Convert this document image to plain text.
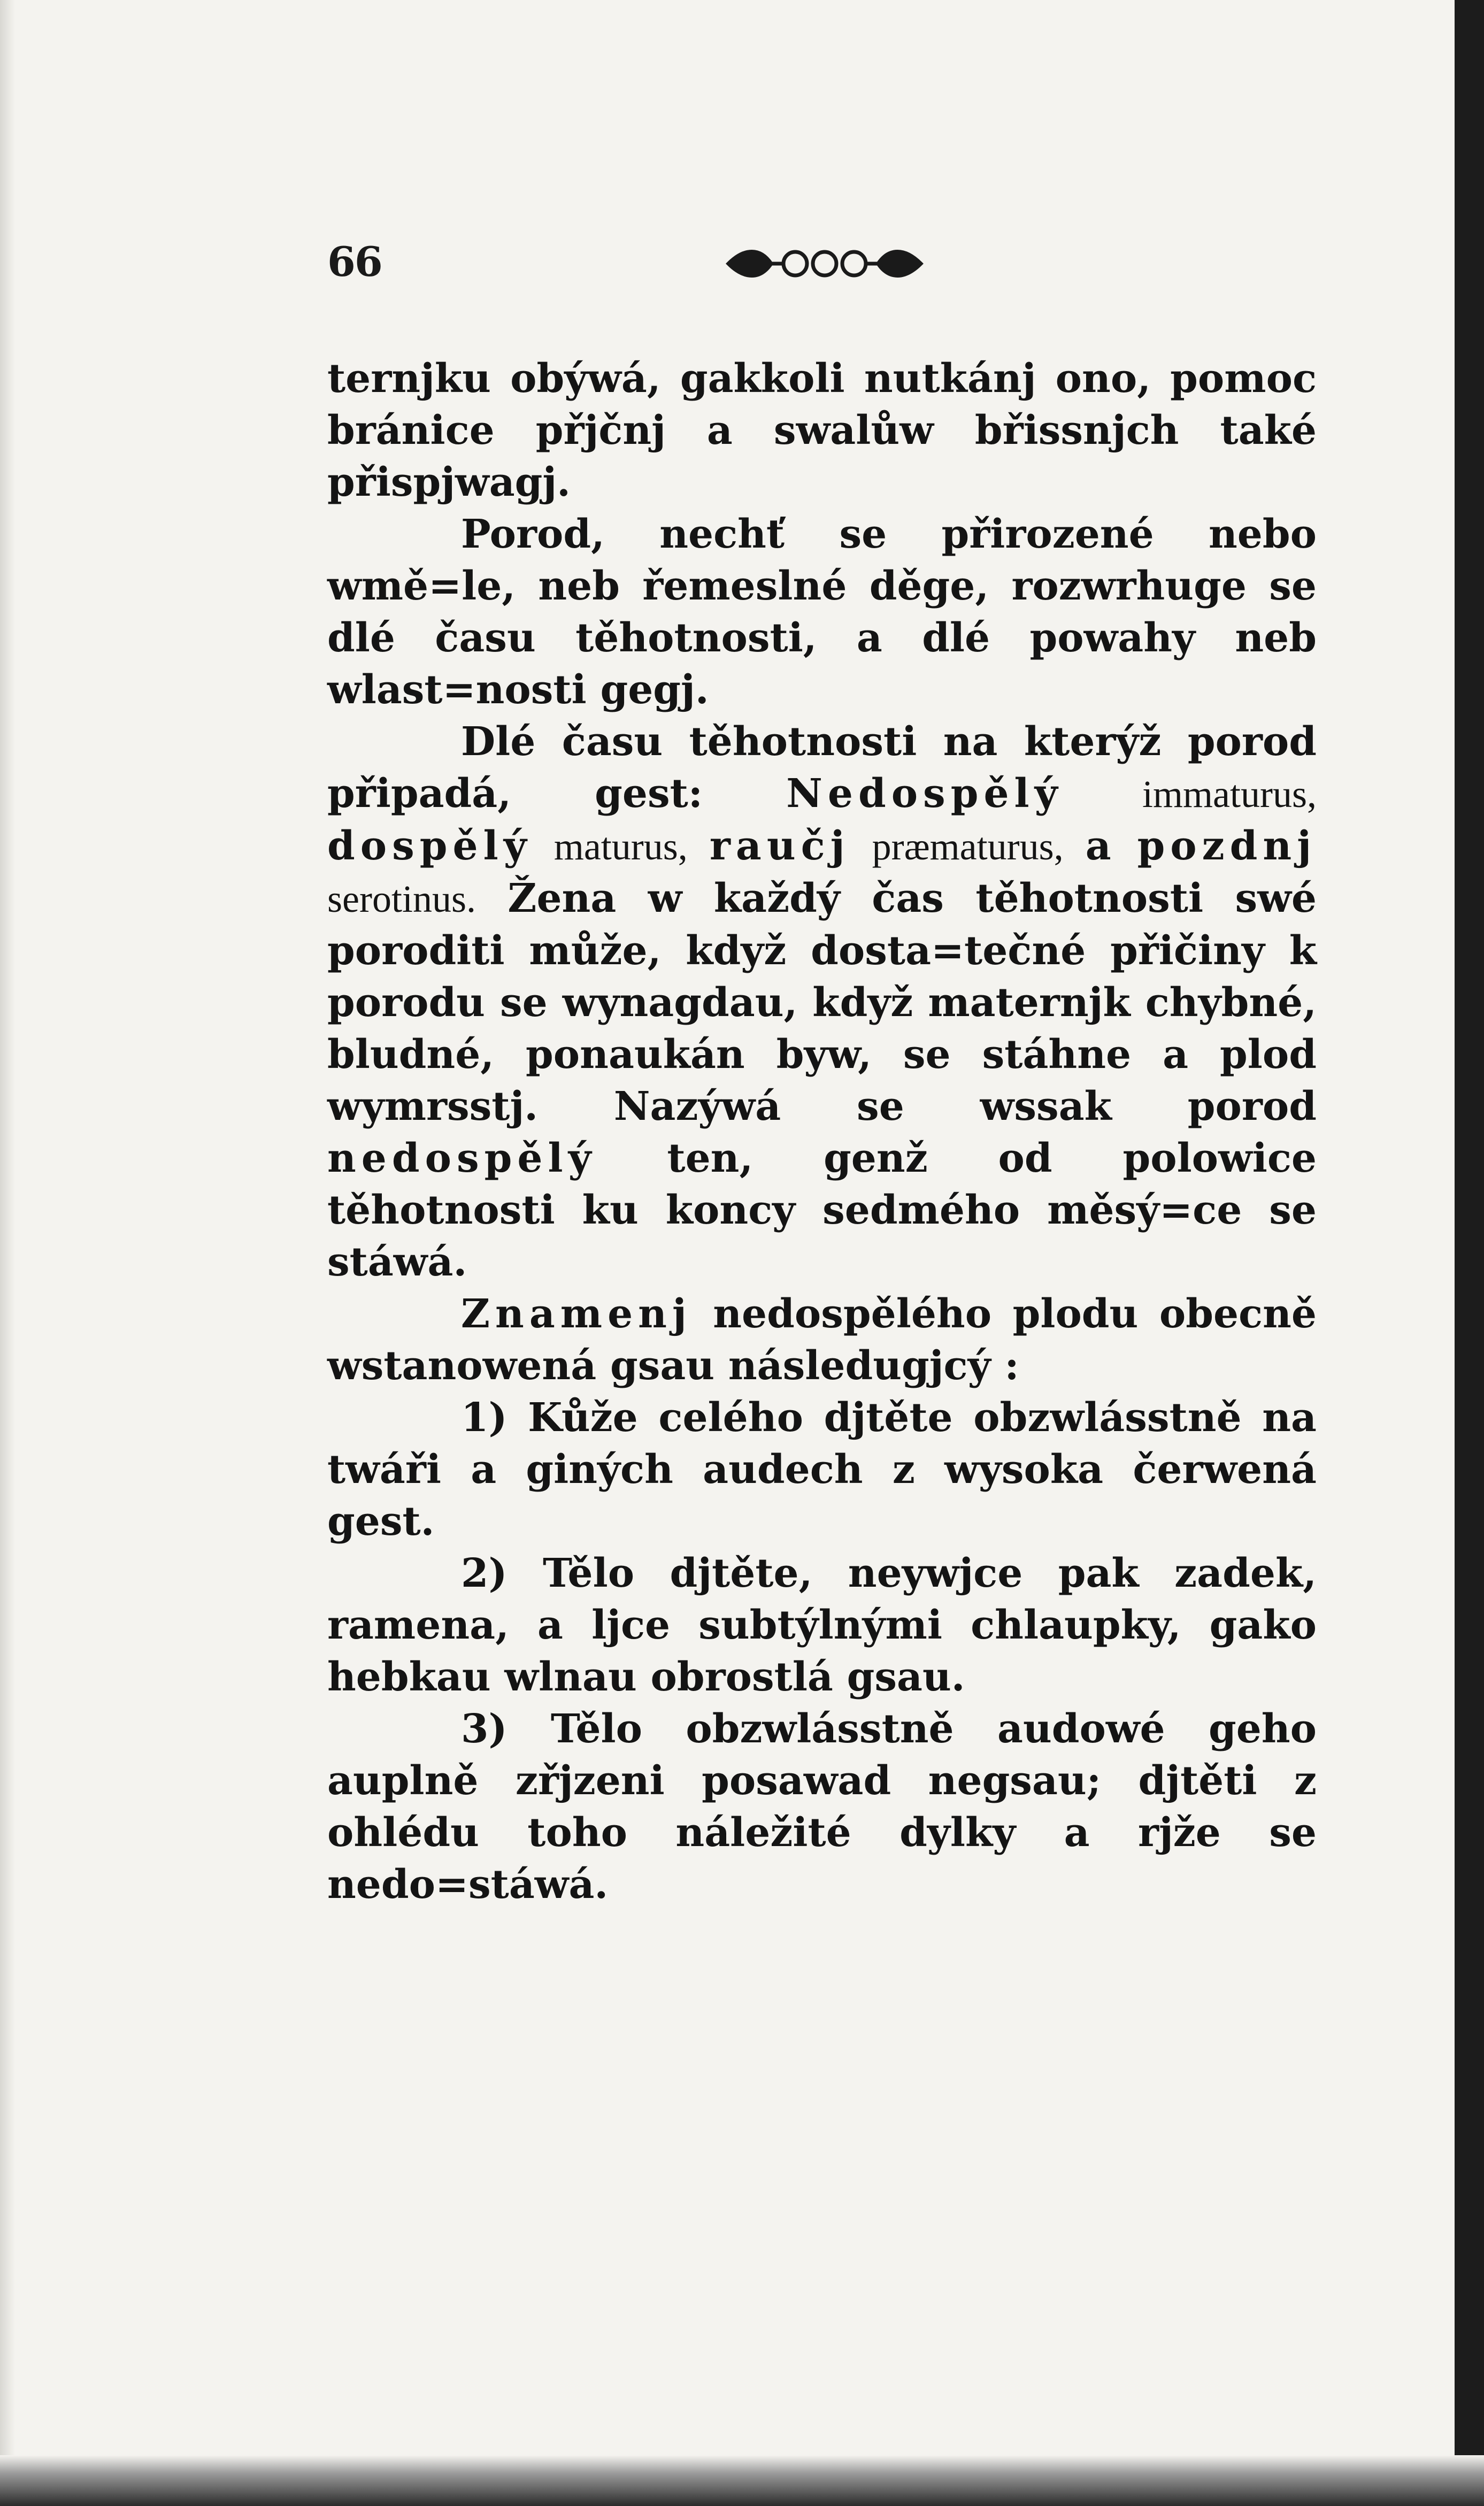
66

ternjku obýwá, gakkoli nutkánj ono, pomoc bránice přjčnj a swalůw břissnjch také přispjwagj.

Porod, nechť se přirozené nebo wmě=le, neb řemeslné děge, rozwrhuge se dlé času těhotnosti, a dlé powahy neb wlast=nosti gegj.

Dlé času těhotnosti na kterýž porod připadá, gest: Nedospělý immaturus, dospělý maturus, raučj præmaturus, a pozdnj serotinus. Žena w každý čas těhotnosti swé poroditi může, když dosta=tečné přičiny k porodu se wynagdau, když maternjk chybné, bludné, ponaukán byw, se stáhne a plod wymrsstj. Nazýwá se wssak porod nedospělý ten, genž od polowice těhotnosti ku koncy sedmého měsý=ce se stáwá.

Znamenj nedospělého plodu obecně wstanowená gsau následugjcý :

1) Kůže celého djtěte obzwlásstně na twáři a giných audech z wysoka čerwená gest.

2) Tělo djtěte, neywjce pak zadek, ramena, a ljce subtýlnými chlaupky, gako hebkau wlnau obrostlá gsau.

3) Tělo obzwlásstně audowé geho auplně zřjzeni posawad negsau; djtěti z ohlédu toho náležité dylky a rjže se nedo=stáwá.
